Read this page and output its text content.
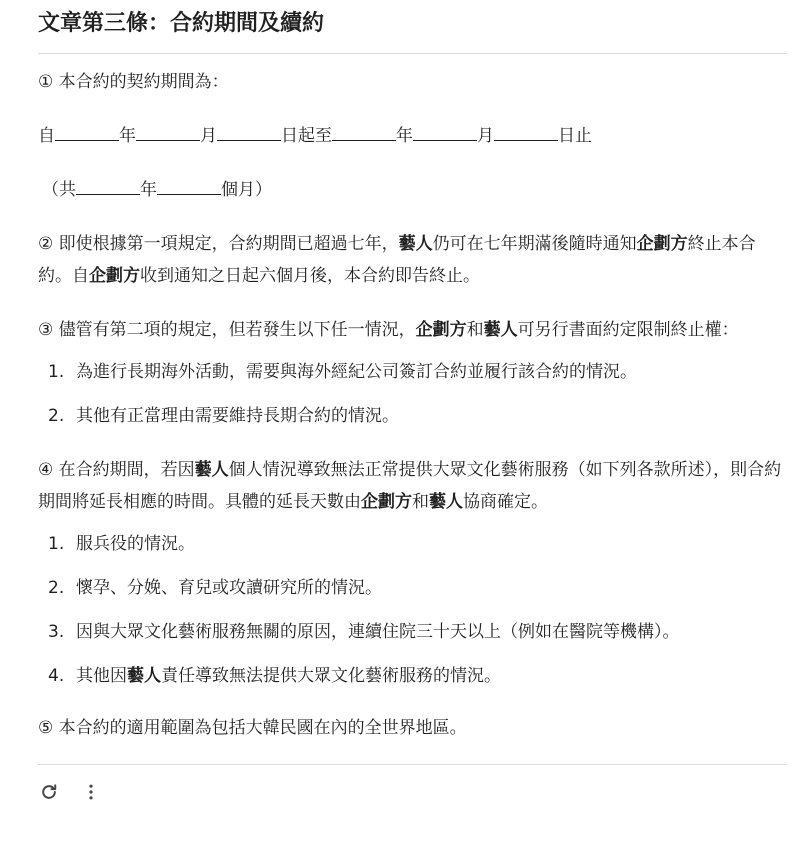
文章第三條：合約期間及續約

① 本合約的契約期間為：

自	年	月	日起至	年	月	日止

（共	年	個月）

② 即使根據第一項規定，合約期間已超過七年，藝人仍可在七年期滿後隨時通知企劃方終止本合約。自企劃方收到通知之日起六個月後，本合約即告終止。

③ 儘管有第二項的規定，但若發生以下任一情況，企劃方和藝人可另行書面約定限制終止權：

1. 為進行長期海外活動，需要與海外經紀公司簽訂合約並履行該合約的情況。
2. 其他有正當理由需要維持長期合約的情況。

④ 在合約期間，若因藝人個人情況導致無法正常提供大眾文化藝術服務（如下列各款所述），則合約期間將延長相應的時間。具體的延長天數由企劃方和藝人協商確定。

1. 服兵役的情況。
2. 懷孕、分娩、育兒或攻讀研究所的情況。
3. 因與大眾文化藝術服務無關的原因，連續住院三十天以上（例如在醫院等機構）。
4. 其他因藝人責任導致無法提供大眾文化藝術服務的情況。

⑤ 本合約的適用範圍為包括大韓民國在內的全世界地區。
